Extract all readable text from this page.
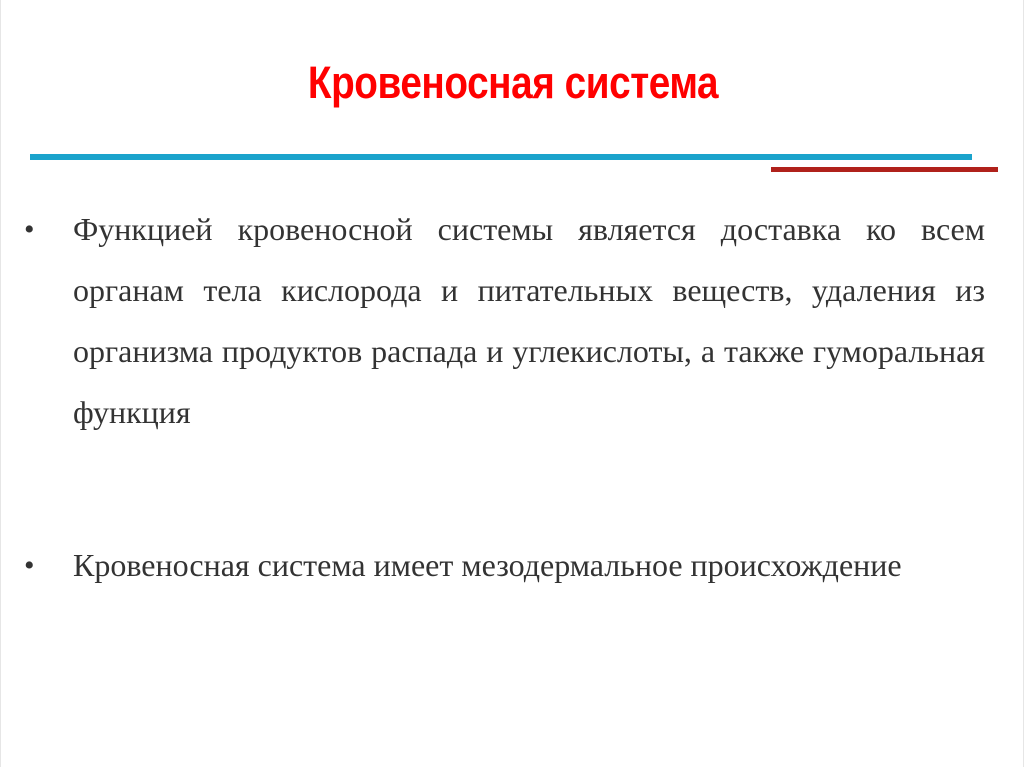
Кровеносная система
• Функцией кровеносной системы является доставка ко всем органам тела кислорода и питательных веществ, удаления из организма продуктов распада и углекислоты, а также гуморальная функция
• Кровеносная система имеет мезодермальное происхождение
